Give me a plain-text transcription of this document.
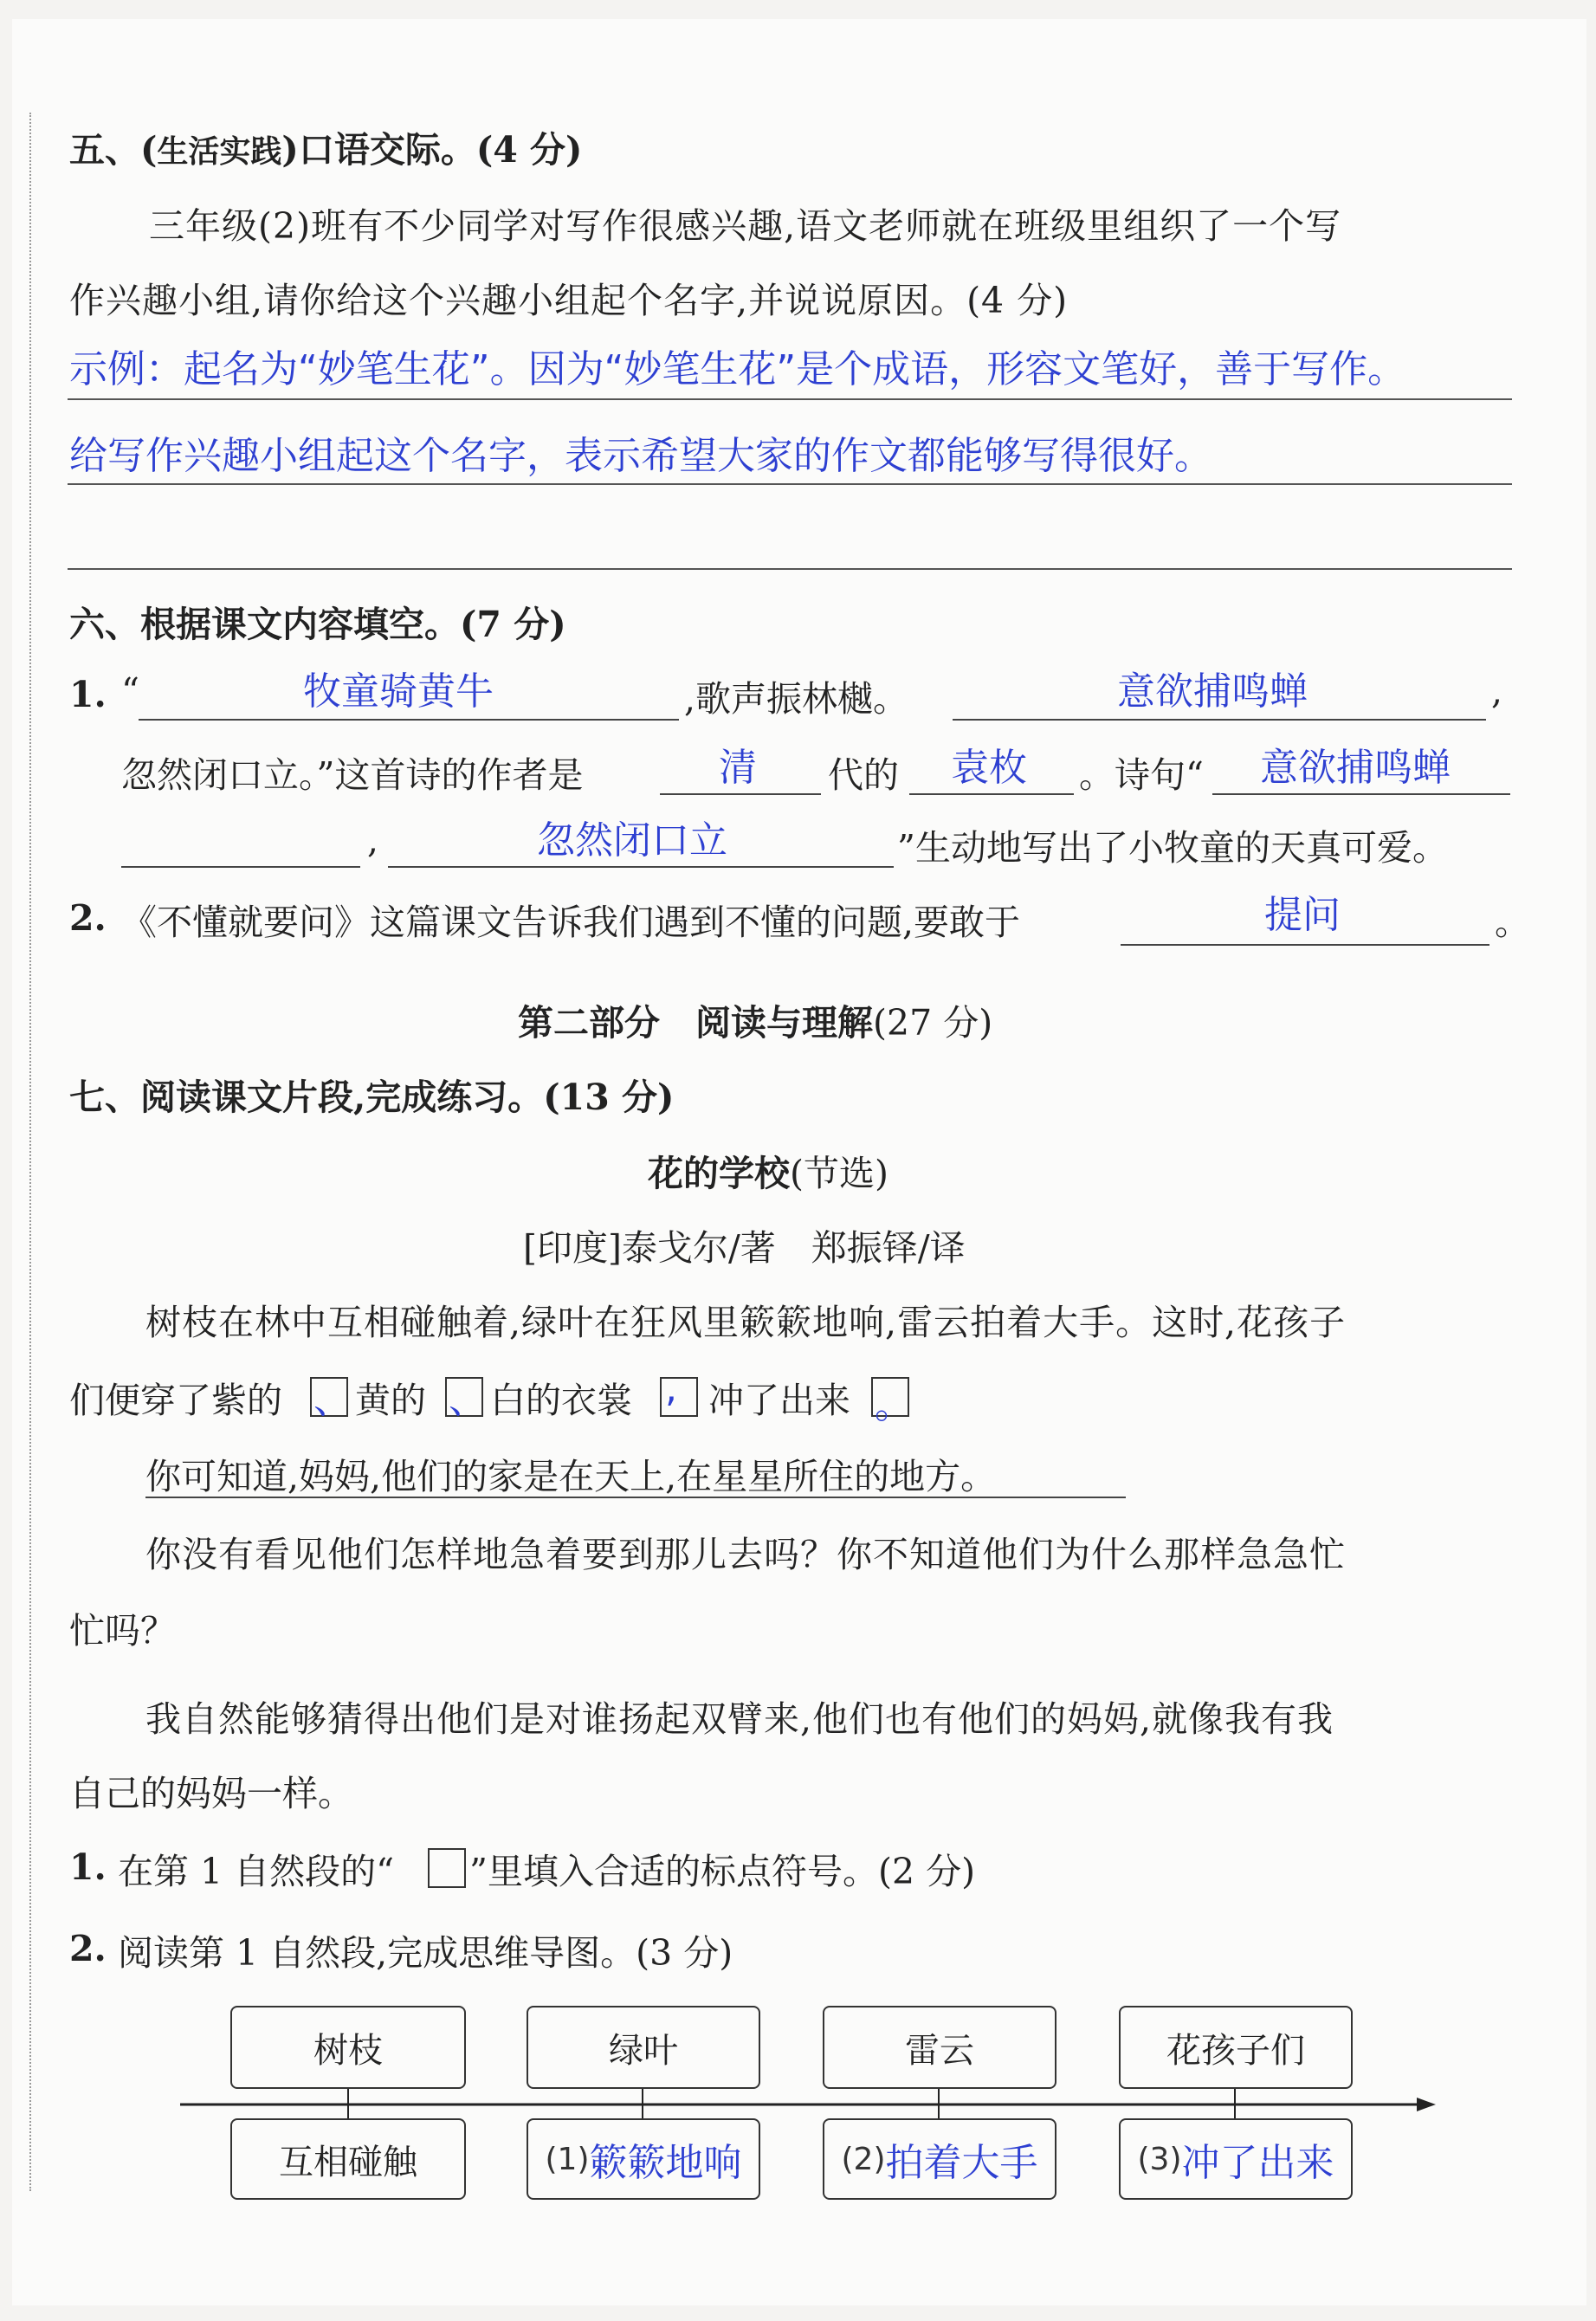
五、(生活实践)口语交际。(4 分)
三年级(2)班有不少同学对写作很感兴趣,语文老师就在班级里组织了一个写
作兴趣小组,请你给这个兴趣小组起个名字,并说说原因。(4 分)
示例：起名为“妙笔生花”。因为“妙笔生花”是个成语，形容文笔好，善于写作。
给写作兴趣小组起这个名字，表示希望大家的作文都能够写得很好。
六、根据课文内容填空。(7 分)
1. “	牧童骑黄牛	,歌声振林樾。	意欲捕鸣蝉	,
忽然闭口立。”这首诗的作者是	清 代的 袁枚 。诗句“ 意欲捕鸣蝉
,	忽然闭口立	”生动地写出了小牧童的天真可爱。
2. 《不懂就要问》这篇课文告诉我们遇到不懂的问题,要敢于	提问	。
第二部分　阅读与理解(27 分)
七、阅读课文片段,完成练习。(13 分)
花的学校(节选)
[印度]泰戈尔/著　郑振铎/译
树枝在林中互相碰触着,绿叶在狂风里簌簌地响,雷云拍着大手。这时,花孩子
们便穿了紫的 、 黄的 、 白的衣裳 , 冲了出来 。
你可知道,妈妈,他们的家是在天上,在星星所住的地方。
你没有看见他们怎样地急着要到那儿去吗？你不知道他们为什么那样急急忙
忙吗？
我自然能够猜得出他们是对谁扬起双臂来,他们也有他们的妈妈,就像我有我
自己的妈妈一样。
1. 在第 1 自然段的“ ”里填入合适的标点符号。(2 分)
2. 阅读第 1 自然段,完成思维导图。(3 分)
树枝	绿叶	雷云	花孩子们
互相碰触	(1) 簌簌地响	(2) 拍着大手	(3) 冲了出来
